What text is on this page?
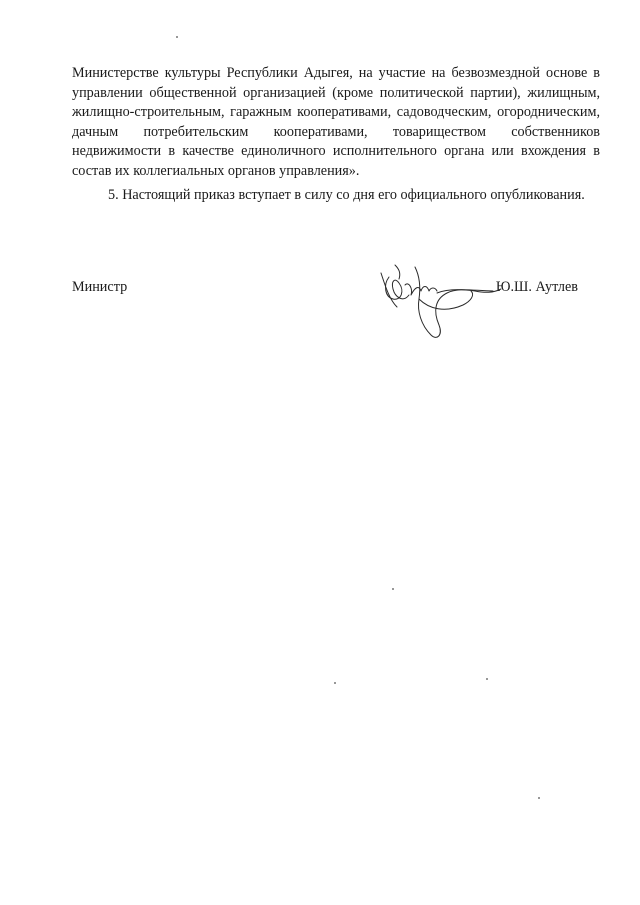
Министерстве культуры Республики Адыгея, на участие на безвозмездной основе в управлении общественной организацией (кроме политической партии), жилищным, жилищно-строительным, гаражным кооперативами, садоводческим, огородническим, дачным потребительским кооперативами, товариществом собственников недвижимости в качестве единоличного исполнительного органа или вхождения в состав их коллегиальных органов управления».

5. Настоящий приказ вступает в силу со дня его официального опубликования.

Министр	Ю.Ш. Аутлев
